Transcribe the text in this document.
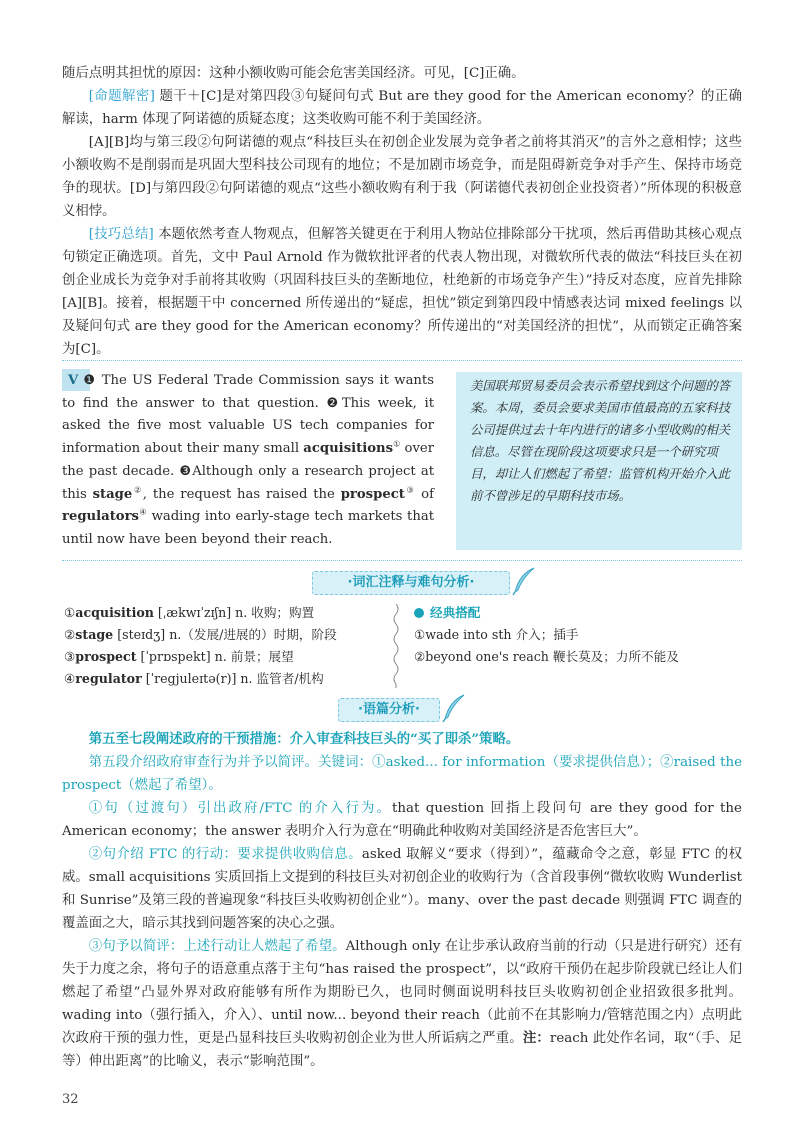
随后点明其担忧的原因：这种小额收购可能会危害美国经济。可见，[C]正确。

[命题解密] 题干＋[C]是对第四段③句疑问句式 But are they good for the American economy？的正确解读，harm 体现了阿诺德的质疑态度；这类收购可能不利于美国经济。

[A][B]均与第三段②句阿诺德的观点“科技巨头在初创企业发展为竞争者之前将其消灭”的言外之意相悖；这些小额收购不是削弱而是巩固大型科技公司现有的地位；不是加剧市场竞争，而是阻碍新竞争对手产生、保持市场竞争的现状。[D]与第四段②句阿诺德的观点“这些小额收购有利于我（阿诺德代表初创企业投资者）”所体现的积极意义相悖。

[技巧总结] 本题依然考查人物观点，但解答关键更在于利用人物站位排除部分干扰项，然后再借助其核心观点句锁定正确选项。首先，文中 Paul Arnold 作为微软批评者的代表人物出现，对微软所代表的做法“科技巨头在初创企业成长为竞争对手前将其收购（巩固科技巨头的垄断地位，杜绝新的市场竞争产生）”持反对态度，应首先排除[A][B]。接着，根据题干中 concerned 所传递出的“疑虑，担忧”锁定到第四段中情感表达词 mixed feelings 以及疑问句式 are they good for the American economy？所传递出的“对美国经济的担忧”，从而锁定正确答案为[C]。

V ❶ The US Federal Trade Commission says it wants to find the answer to that question. ❷This week, it asked the five most valuable US tech companies for information about their many small acquisitions① over the past decade. ❸Although only a research project at this stage②, the request has raised the prospect③ of regulators④ wading into early-stage tech markets that until now have been beyond their reach.
美国联邦贸易委员会表示希望找到这个问题的答案。本周，委员会要求美国市值最高的五家科技公司提供过去十年内进行的诸多小型收购的相关信息。尽管在现阶段这项要求只是一个研究项目，却让人们燃起了希望：监管机构开始介入此前不曾涉足的早期科技市场。
·词汇注释与难句分析·
①acquisition [ˌækwɪˈzɪʃn] n. 收购；购置
②stage [steɪdʒ] n.（发展/进展的）时期，阶段
③prospect [ˈprɒspekt] n. 前景；展望
④regulator [ˈregjuleɪtə(r)] n. 监管者/机构
经典搭配
①wade into sth 介入；插手
②beyond one's reach 鞭长莫及；力所不能及
·语篇分析·

第五至七段阐述政府的干预措施：介入审查科技巨头的“买了即杀”策略。

第五段介绍政府审查行为并予以简评。关键词：①asked... for information（要求提供信息）；②raised the prospect（燃起了希望）。

①句（过渡句）引出政府/FTC 的介入行为。that question 回指上段问句 are they good for the American economy；the answer 表明介入行为意在“明确此种收购对美国经济是否危害巨大”。

②句介绍 FTC 的行动：要求提供收购信息。asked 取解义“要求（得到）”，蕴藏命令之意，彰显 FTC 的权威。small acquisitions 实质回指上文提到的科技巨头对初创企业的收购行为（含首段事例“微软收购 Wunderlist 和 Sunrise”及第三段的普遍现象“科技巨头收购初创企业”）。many、over the past decade 则强调 FTC 调查的覆盖面之大，暗示其找到问题答案的决心之强。

③句予以简评：上述行动让人燃起了希望。Although only 在让步承认政府当前的行动（只是进行研究）还有失于力度之余，将句子的语意重点落于主句“has raised the prospect”，以“政府干预仍在起步阶段就已经让人们燃起了希望”凸显外界对政府能够有所作为期盼已久，也同时侧面说明科技巨头收购初创企业招致很多批判。wading into（强行插入，介入）、until now... beyond their reach（此前不在其影响力/管辖范围之内）点明此次政府干预的强力性，更是凸显科技巨头收购初创企业为世人所诟病之严重。注：reach 此处作名词，取“（手、足等）伸出距离”的比喻义，表示“影响范围”。

32
